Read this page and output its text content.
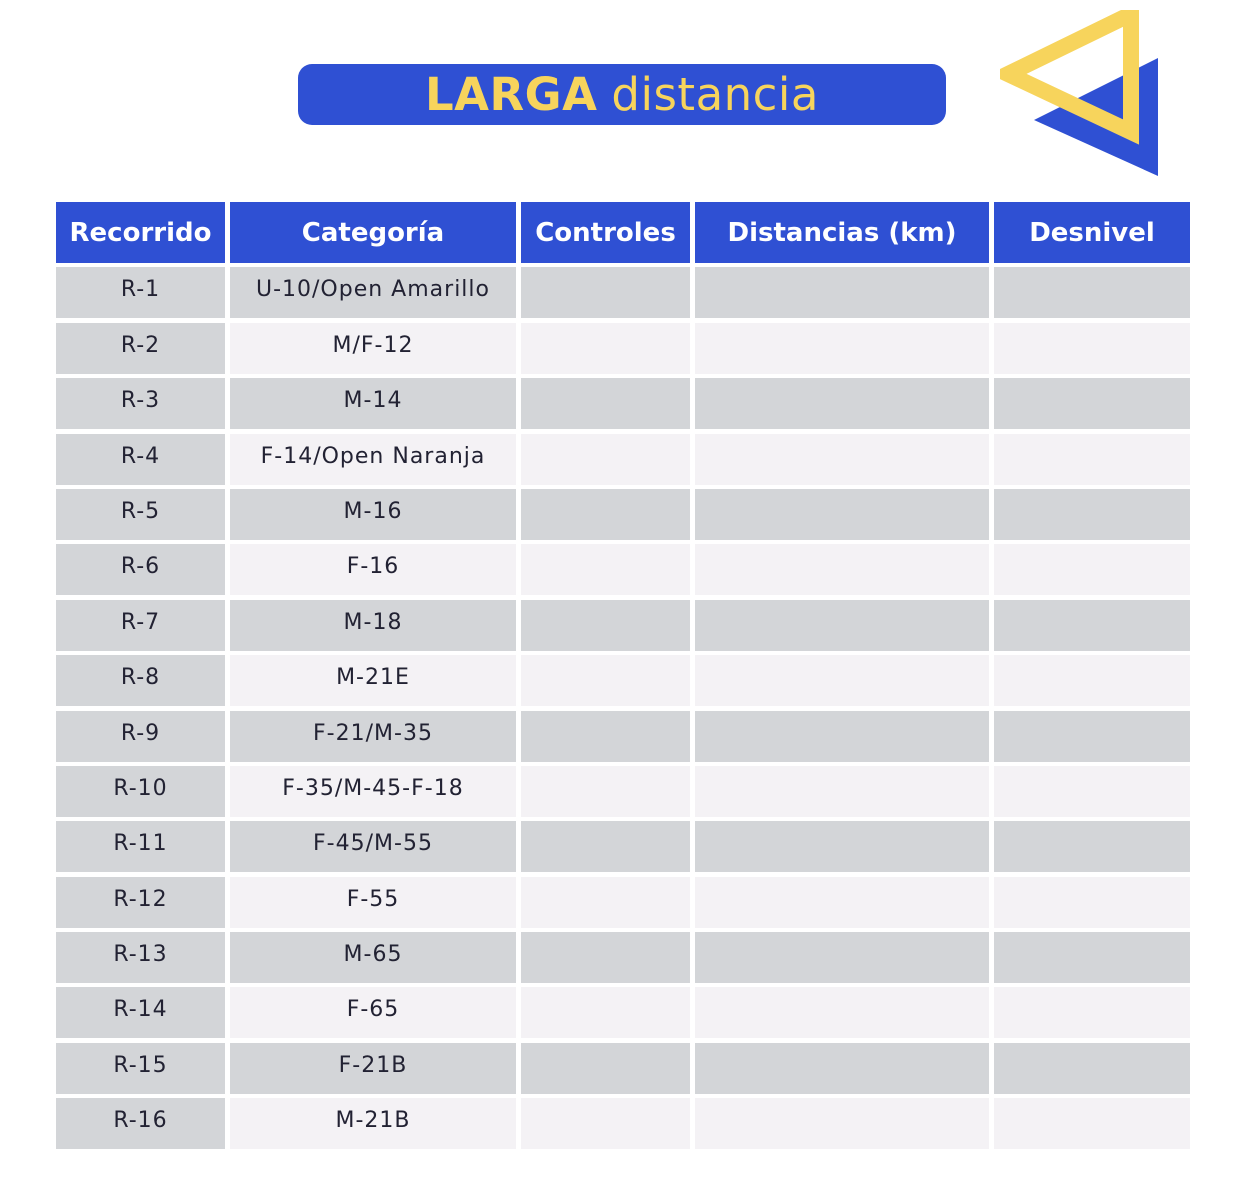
LARGA distancia
Recorrido	Categoría	Controles	Distancias (km)	Desnivel
R-1	U-10/Open Amarillo
R-2	M/F-12
R-3	M-14
R-4	F-14/Open Naranja
R-5	M-16
R-6	F-16
R-7	M-18
R-8	M-21E
R-9	F-21/M-35
R-10	F-35/M-45-F-18
R-11	F-45/M-55
R-12	F-55
R-13	M-65
R-14	F-65
R-15	F-21B
R-16	M-21B
